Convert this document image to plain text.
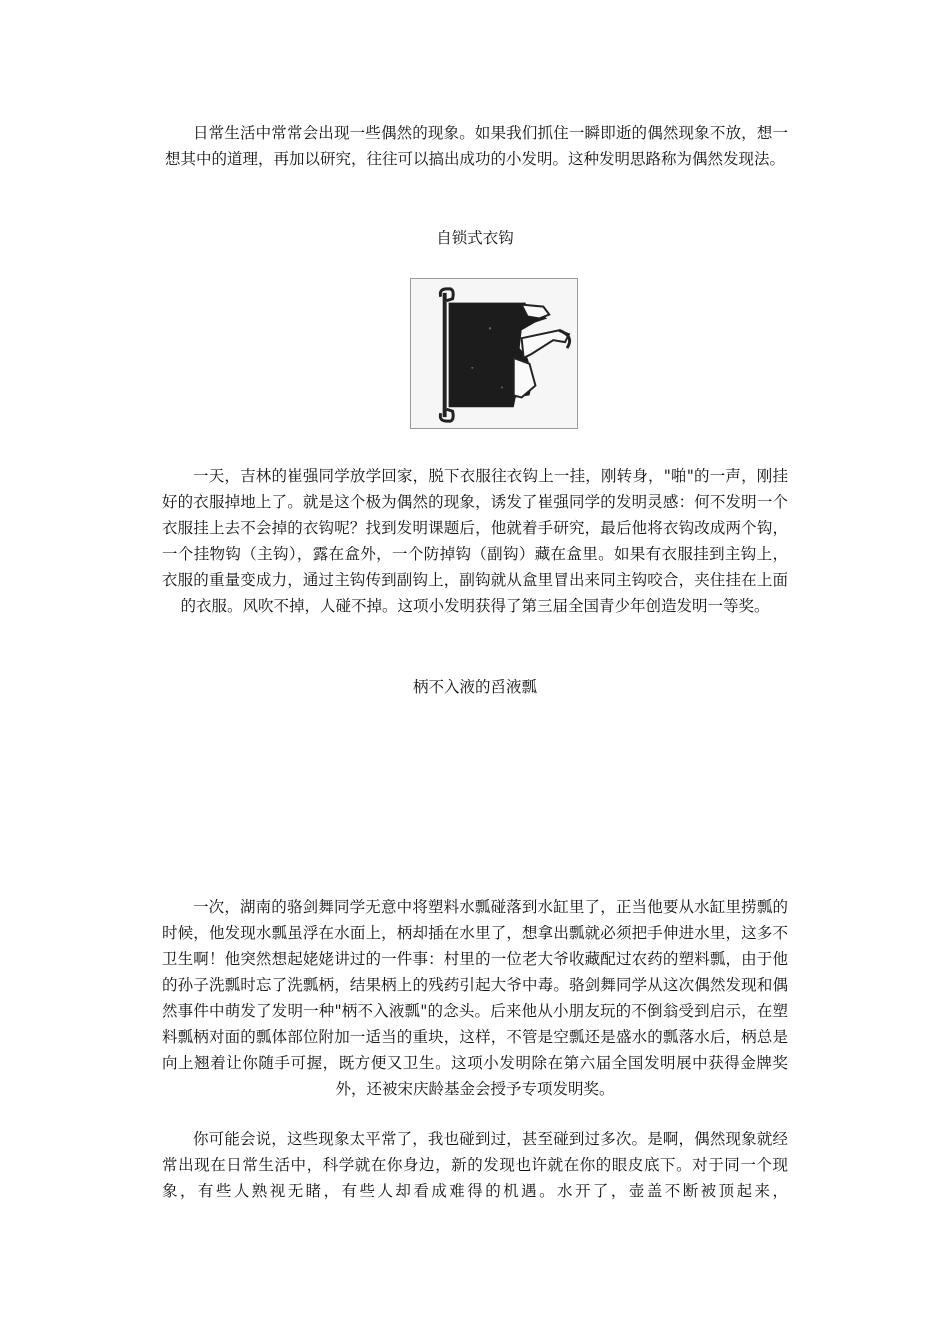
日常生活中常常会出现一些偶然的现象。如果我们抓住一瞬即逝的偶然现象不放，想一想其中的道理，再加以研究，往往可以搞出成功的小发明。这种发明思路称为偶然发现法。

自锁式衣钩

一天，吉林的崔强同学放学回家，脱下衣服往衣钩上一挂，刚转身，"啪"的一声，刚挂好的衣服掉地上了。就是这个极为偶然的现象，诱发了崔强同学的发明灵感：何不发明一个衣服挂上去不会掉的衣钩呢？找到发明课题后，他就着手研究，最后他将衣钩改成两个钩，一个挂物钩（主钩），露在盒外，一个防掉钩（副钩）藏在盒里。如果有衣服挂到主钩上，衣服的重量变成力，通过主钩传到副钩上，副钩就从盒里冒出来同主钩咬合，夹住挂在上面的衣服。风吹不掉，人碰不掉。这项小发明获得了第三届全国青少年创造发明一等奖。

柄不入液的舀液瓢

一次，湖南的骆剑舞同学无意中将塑料水瓢碰落到水缸里了，正当他要从水缸里捞瓢的时候，他发现水瓢虽浮在水面上，柄却插在水里了，想拿出瓢就必须把手伸进水里，这多不卫生啊！他突然想起姥姥讲过的一件事：村里的一位老大爷收藏配过农药的塑料瓢，由于他的孙子洗瓢时忘了洗瓢柄，结果柄上的残药引起大爷中毒。骆剑舞同学从这次偶然发现和偶然事件中萌发了发明一种"柄不入液瓢"的念头。后来他从小朋友玩的不倒翁受到启示，在塑料瓢柄对面的瓢体部位附加一适当的重块，这样，不管是空瓢还是盛水的瓢落水后，柄总是向上翘着让你随手可握，既方便又卫生。这项小发明除在第六届全国发明展中获得金牌奖外，还被宋庆龄基金会授予专项发明奖。

你可能会说，这些现象太平常了，我也碰到过，甚至碰到过多次。是啊，偶然现象就经常出现在日常生活中，科学就在你身边，新的发现也许就在你的眼皮底下。对于同一个现象，有些人熟视无睹，有些人却看成难得的机遇。水开了，壶盖不断被顶起来，
